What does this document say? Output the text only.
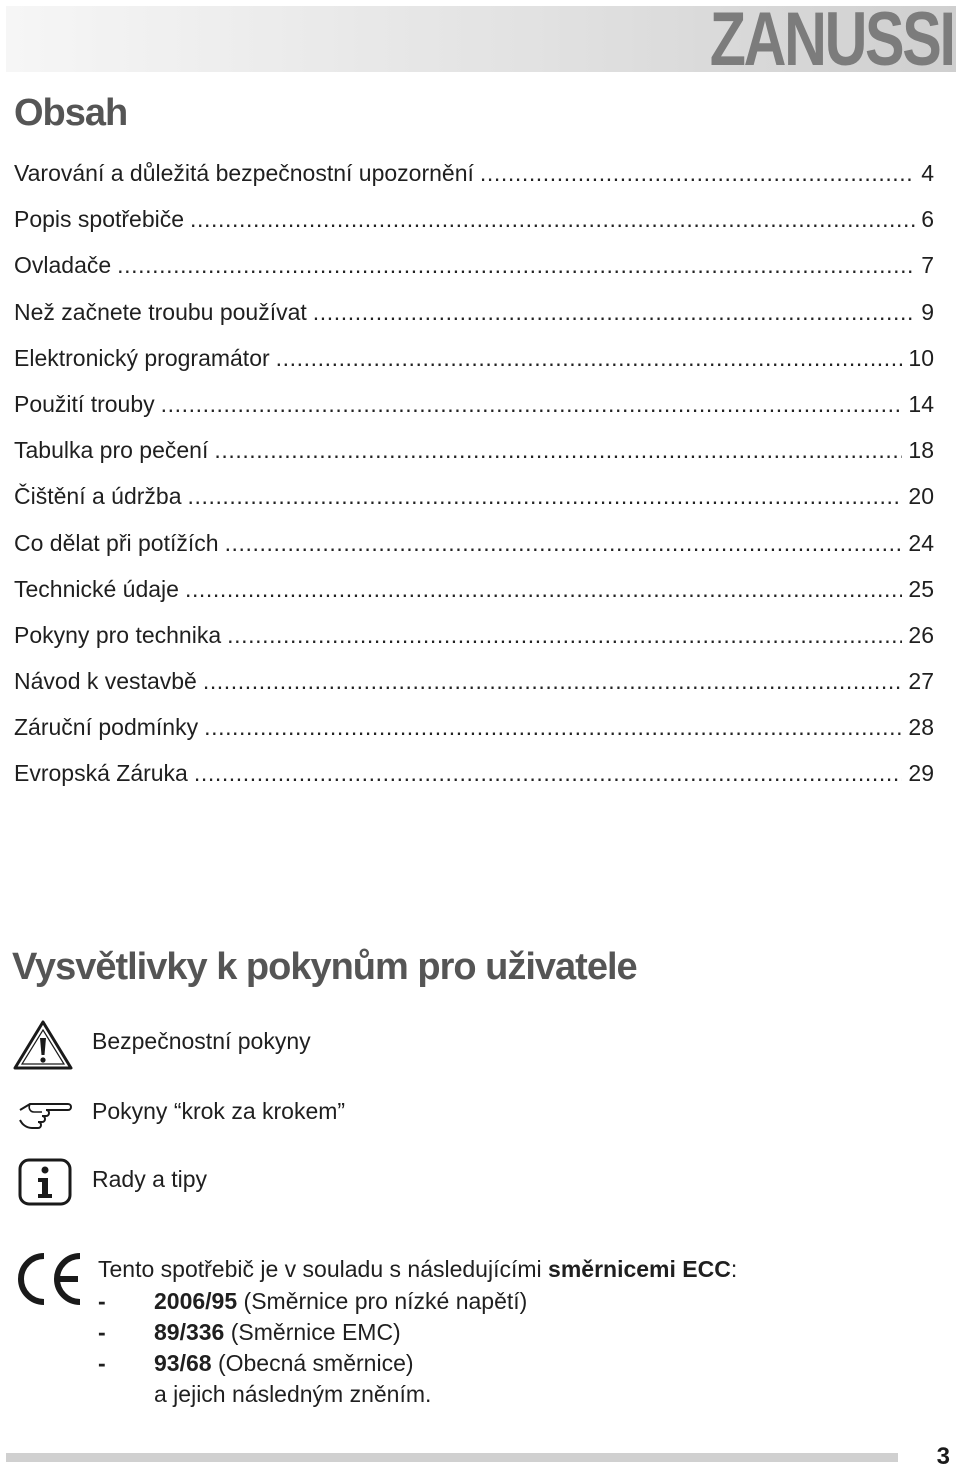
ZANUSSI
Obsah
Varování a důležitá bezpečnostní upozornění .....	4
Popis spotřebiče .....	6
Ovladače .....	7
Než začnete troubu používat .....	9
Elektronický programátor .....	10
Použití trouby .....	14
Tabulka pro pečení .....	18
Čištění a údržba .....	20
Co dělat při potížích .....	24
Technické údaje .....	25
Pokyny pro technika .....	26
Návod k vestavbě .....	27
Záruční podmínky .....	28
Evropská Záruka .....	29
Vysvětlivky k pokynům pro uživatele
Bezpečnostní pokyny
Pokyny “krok za krokem”
Rady a tipy
Tento spotřebič je v souladu s následujícími směrnicemi ECC:
-	2006/95 (Směrnice pro nízké napětí)
-	89/336 (Směrnice EMC)
-	93/68 (Obecná směrnice)
a jejich následným zněním.
3
